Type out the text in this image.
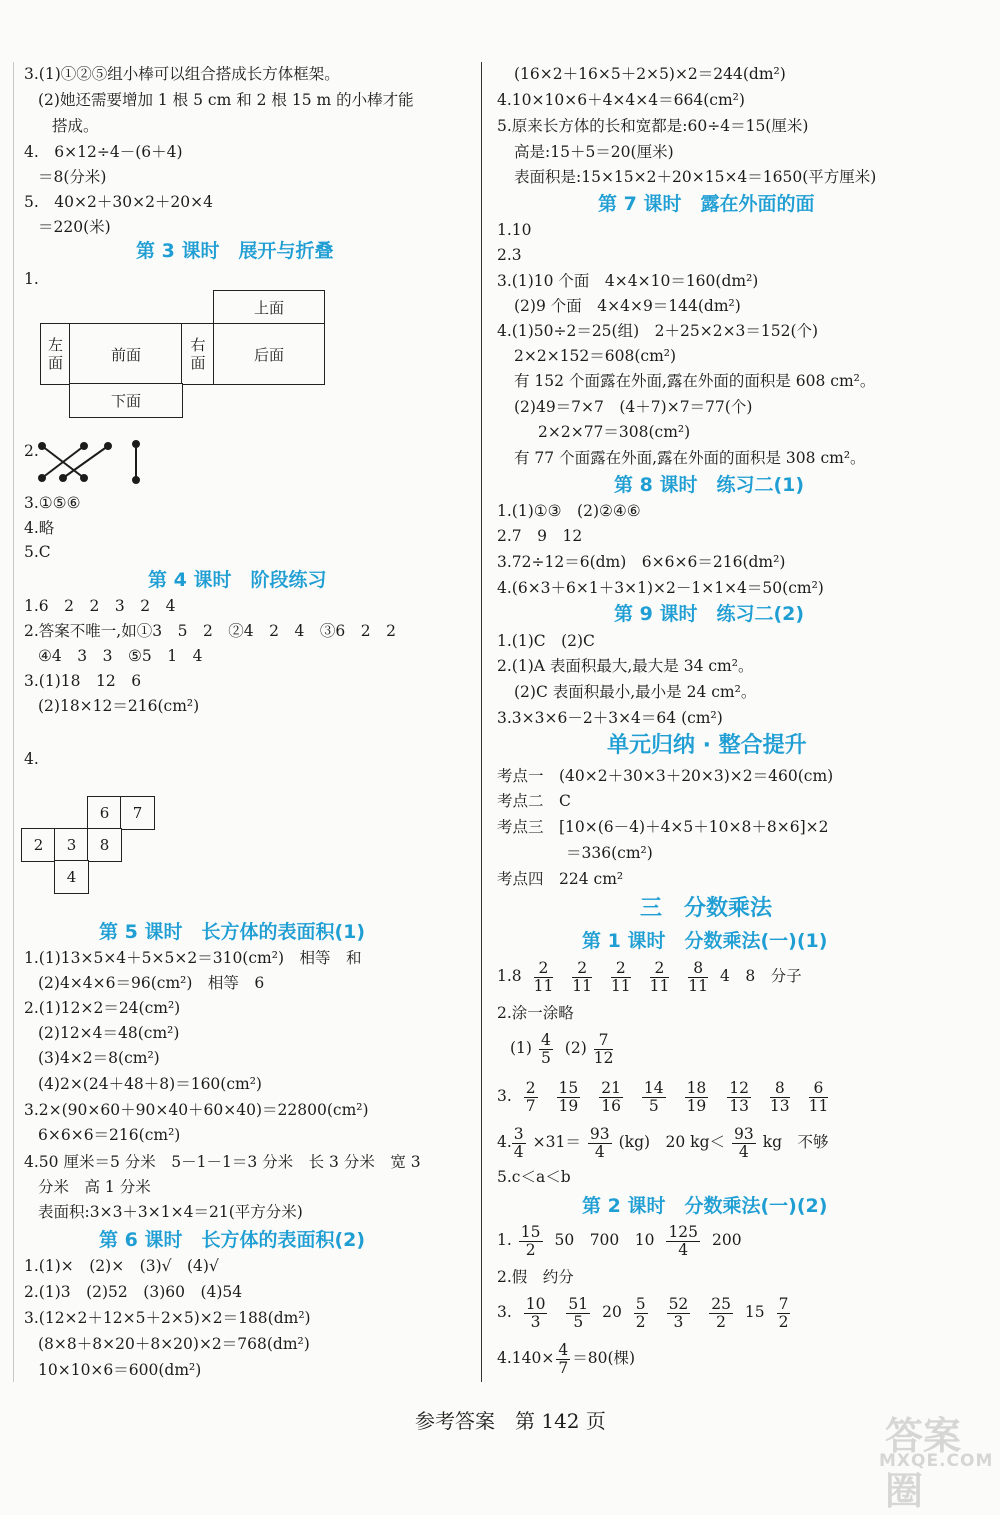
3.(1)①②⑤组小棒可以组合搭成长方体框架。
(2)她还需要增加 1 根 5 cm 和 2 根 15 m 的小棒才能
搭成。
4.　6×12÷4－(6＋4)
＝8(分米)
5.　40×2＋30×2＋20×4
＝220(米)
第 3 课时　展开与折叠
1.
上面
左面	前面
右面	后面
下面
2.
3.①⑤⑥
4.略
5.C
第 4 课时　阶段练习
1.6　2　2　3　2　4
2.答案不唯一,如①3　5　2　②4　2　4　③6　2　2
④4　3　3　⑤5　1　4
3.(1)18　12　6
(2)18×12＝216(cm²)
4.
6	7
2	3	8
4
第 5 课时　长方体的表面积(1)
1.(1)13×5×4＋5×5×2＝310(cm²)　相等　和
(2)4×4×6＝96(cm²)　相等　6
2.(1)12×2＝24(cm²)
(2)12×4＝48(cm²)
(3)4×2＝8(cm²)
(4)2×(24＋48＋8)＝160(cm²)
3.2×(90×60＋90×40＋60×40)＝22800(cm²)
6×6×6＝216(cm²)
4.50 厘米＝5 分米　5－1－1＝3 分米　长 3 分米　宽 3
分米　高 1 分米
表面积:3×3＋3×1×4＝21(平方分米)
第 6 课时　长方体的表面积(2)
1.(1)×　(2)×　(3)√　(4)√
2.(1)3　(2)52　(3)60　(4)54
3.(12×2＋12×5＋2×5)×2＝188(dm²)
(8×8＋8×20＋8×20)×2＝768(dm²)
10×10×6＝600(dm²)
(16×2＋16×5＋2×5)×2＝244(dm²)
4.10×10×6＋4×4×4＝664(cm²)
5.原来长方体的长和宽都是:60÷4＝15(厘米)
高是:15＋5＝20(厘米)
表面积是:15×15×2＋20×15×4＝1650(平方厘米)
第 7 课时　露在外面的面
1.10
2.3
3.(1)10 个面　4×4×10＝160(dm²)
(2)9 个面　4×4×9＝144(dm²)
4.(1)50÷2＝25(组)　2＋25×2×3＝152(个)
2×2×152＝608(cm²)
有 152 个面露在外面,露在外面的面积是 608 cm²。
(2)49＝7×7　(4＋7)×7＝77(个)
2×2×77＝308(cm²)
有 77 个面露在外面,露在外面的面积是 308 cm²。
第 8 课时　练习二(1)
1.(1)①③　(2)②④⑥
2.7　9　12
3.72÷12＝6(dm)　6×6×6＝216(dm²)
4.(6×3＋6×1＋3×1)×2－1×1×4＝50(cm²)
第 9 课时　练习二(2)
1.(1)C　(2)C
2.(1)A 表面积最大,最大是 34 cm²。
(2)C 表面积最小,最小是 24 cm²。
3.3×3×6－2＋3×4＝64 (cm²)
单元归纳 · 整合提升
考点一　(40×2＋30×3＋20×3)×2＝460(cm)
考点二　C
考点三　[10×(6－4)＋4×5＋10×8＋8×6]×2
＝336(cm²)
考点四　224 cm²
三　分数乘法
第 1 课时　分数乘法(一)(1)
$1.8 \frac{2}{11}$
$\frac{2}{11}$
$\frac{2}{11}$
$\frac{2}{11}$
$\frac{8}{11} 4$　8　分子
2.涂一涂略
$(1) \frac{4}{5} (2) \frac{7}{12}$
3. $\frac{2}{7}$
$\frac{15}{19}$
$\frac{21}{16}$
$\frac{14}{5}$
$\frac{18}{19}$
$\frac{12}{13}$
$\frac{8}{13}$
$\frac{6}{11}$
4. $\frac{3}{4} \times 31= \frac{93}{4} (kg)$　20 $kg< \frac{93}{4}$ kg　不够
5.c＜a＜b
第 2 课时　分数乘法(一)(2)
1. $\frac{15}{2} 50$　700　$10 \frac{125}{4} 200$
2.假　约分
3. $\frac{10}{3}$
$\frac{51}{5} 20 \frac{5}{2}$
$\frac{52}{3}$
$\frac{25}{2} 15 \frac{7}{2}$
$4.140\times \frac{4}{7} =80$(棵)
参考答案　第 142 页	答案圈
MXQE.COM
